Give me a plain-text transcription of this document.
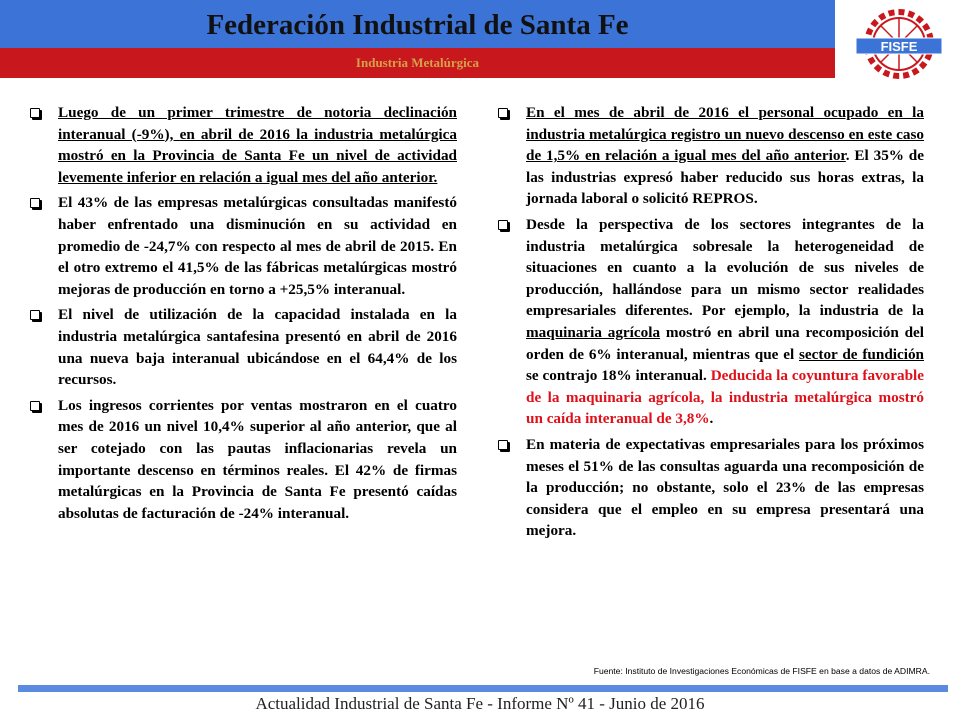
Federación Industrial de Santa Fe
Industria Metalúrgica
FISFE
Luego de un primer trimestre de notoria declinación interanual (-9%), en abril de 2016 la industria metalúrgica mostró en la Provincia de Santa Fe un nivel de actividad levemente inferior en relación a igual mes del año anterior.
El 43% de las empresas metalúrgicas consultadas manifestó haber enfrentado una disminución en su actividad en promedio de -24,7% con respecto al mes de abril de 2015. En el otro extremo el 41,5% de las fábricas metalúrgicas mostró mejoras de producción en torno a +25,5% interanual.
El nivel de utilización de la capacidad instalada en la industria metalúrgica santafesina presentó en abril de 2016 una nueva baja interanual ubicándose en el 64,4% de los recursos.
Los ingresos corrientes por ventas mostraron en el cuatro mes de 2016 un nivel 10,4% superior al año anterior, que al ser cotejado con las pautas inflacionarias revela un importante descenso en términos reales. El 42% de firmas metalúrgicas en la Provincia de Santa Fe presentó caídas absolutas de facturación de -24% interanual.
En el mes de abril de 2016 el personal ocupado en la industria metalúrgica registro un nuevo descenso en este caso de 1,5% en relación a igual mes del año anterior. El 35% de las industrias expresó haber reducido sus horas extras, la jornada laboral o solicitó REPROS.
Desde la perspectiva de los sectores integrantes de la industria metalúrgica sobresale la heterogeneidad de situaciones en cuanto a la evolución de sus niveles de producción, hallándose para un mismo sector realidades empresariales diferentes. Por ejemplo, la industria de la maquinaria agrícola mostró en abril una recomposición del orden de 6% interanual, mientras que el sector de fundición se contrajo 18% interanual. Deducida la coyuntura favorable de la maquinaria agrícola, la industria metalúrgica mostró un caída interanual de 3,8%.
En materia de expectativas empresariales para los próximos meses el 51% de las consultas aguarda una recomposición de la producción; no obstante, solo el 23% de las empresas considera que el empleo en su empresa presentará una mejora.
Fuente: Instituto de Investigaciones Económicas de FISFE en base a datos de ADIMRA.
Actualidad Industrial de Santa Fe - Informe Nº 41 - Junio de 2016
